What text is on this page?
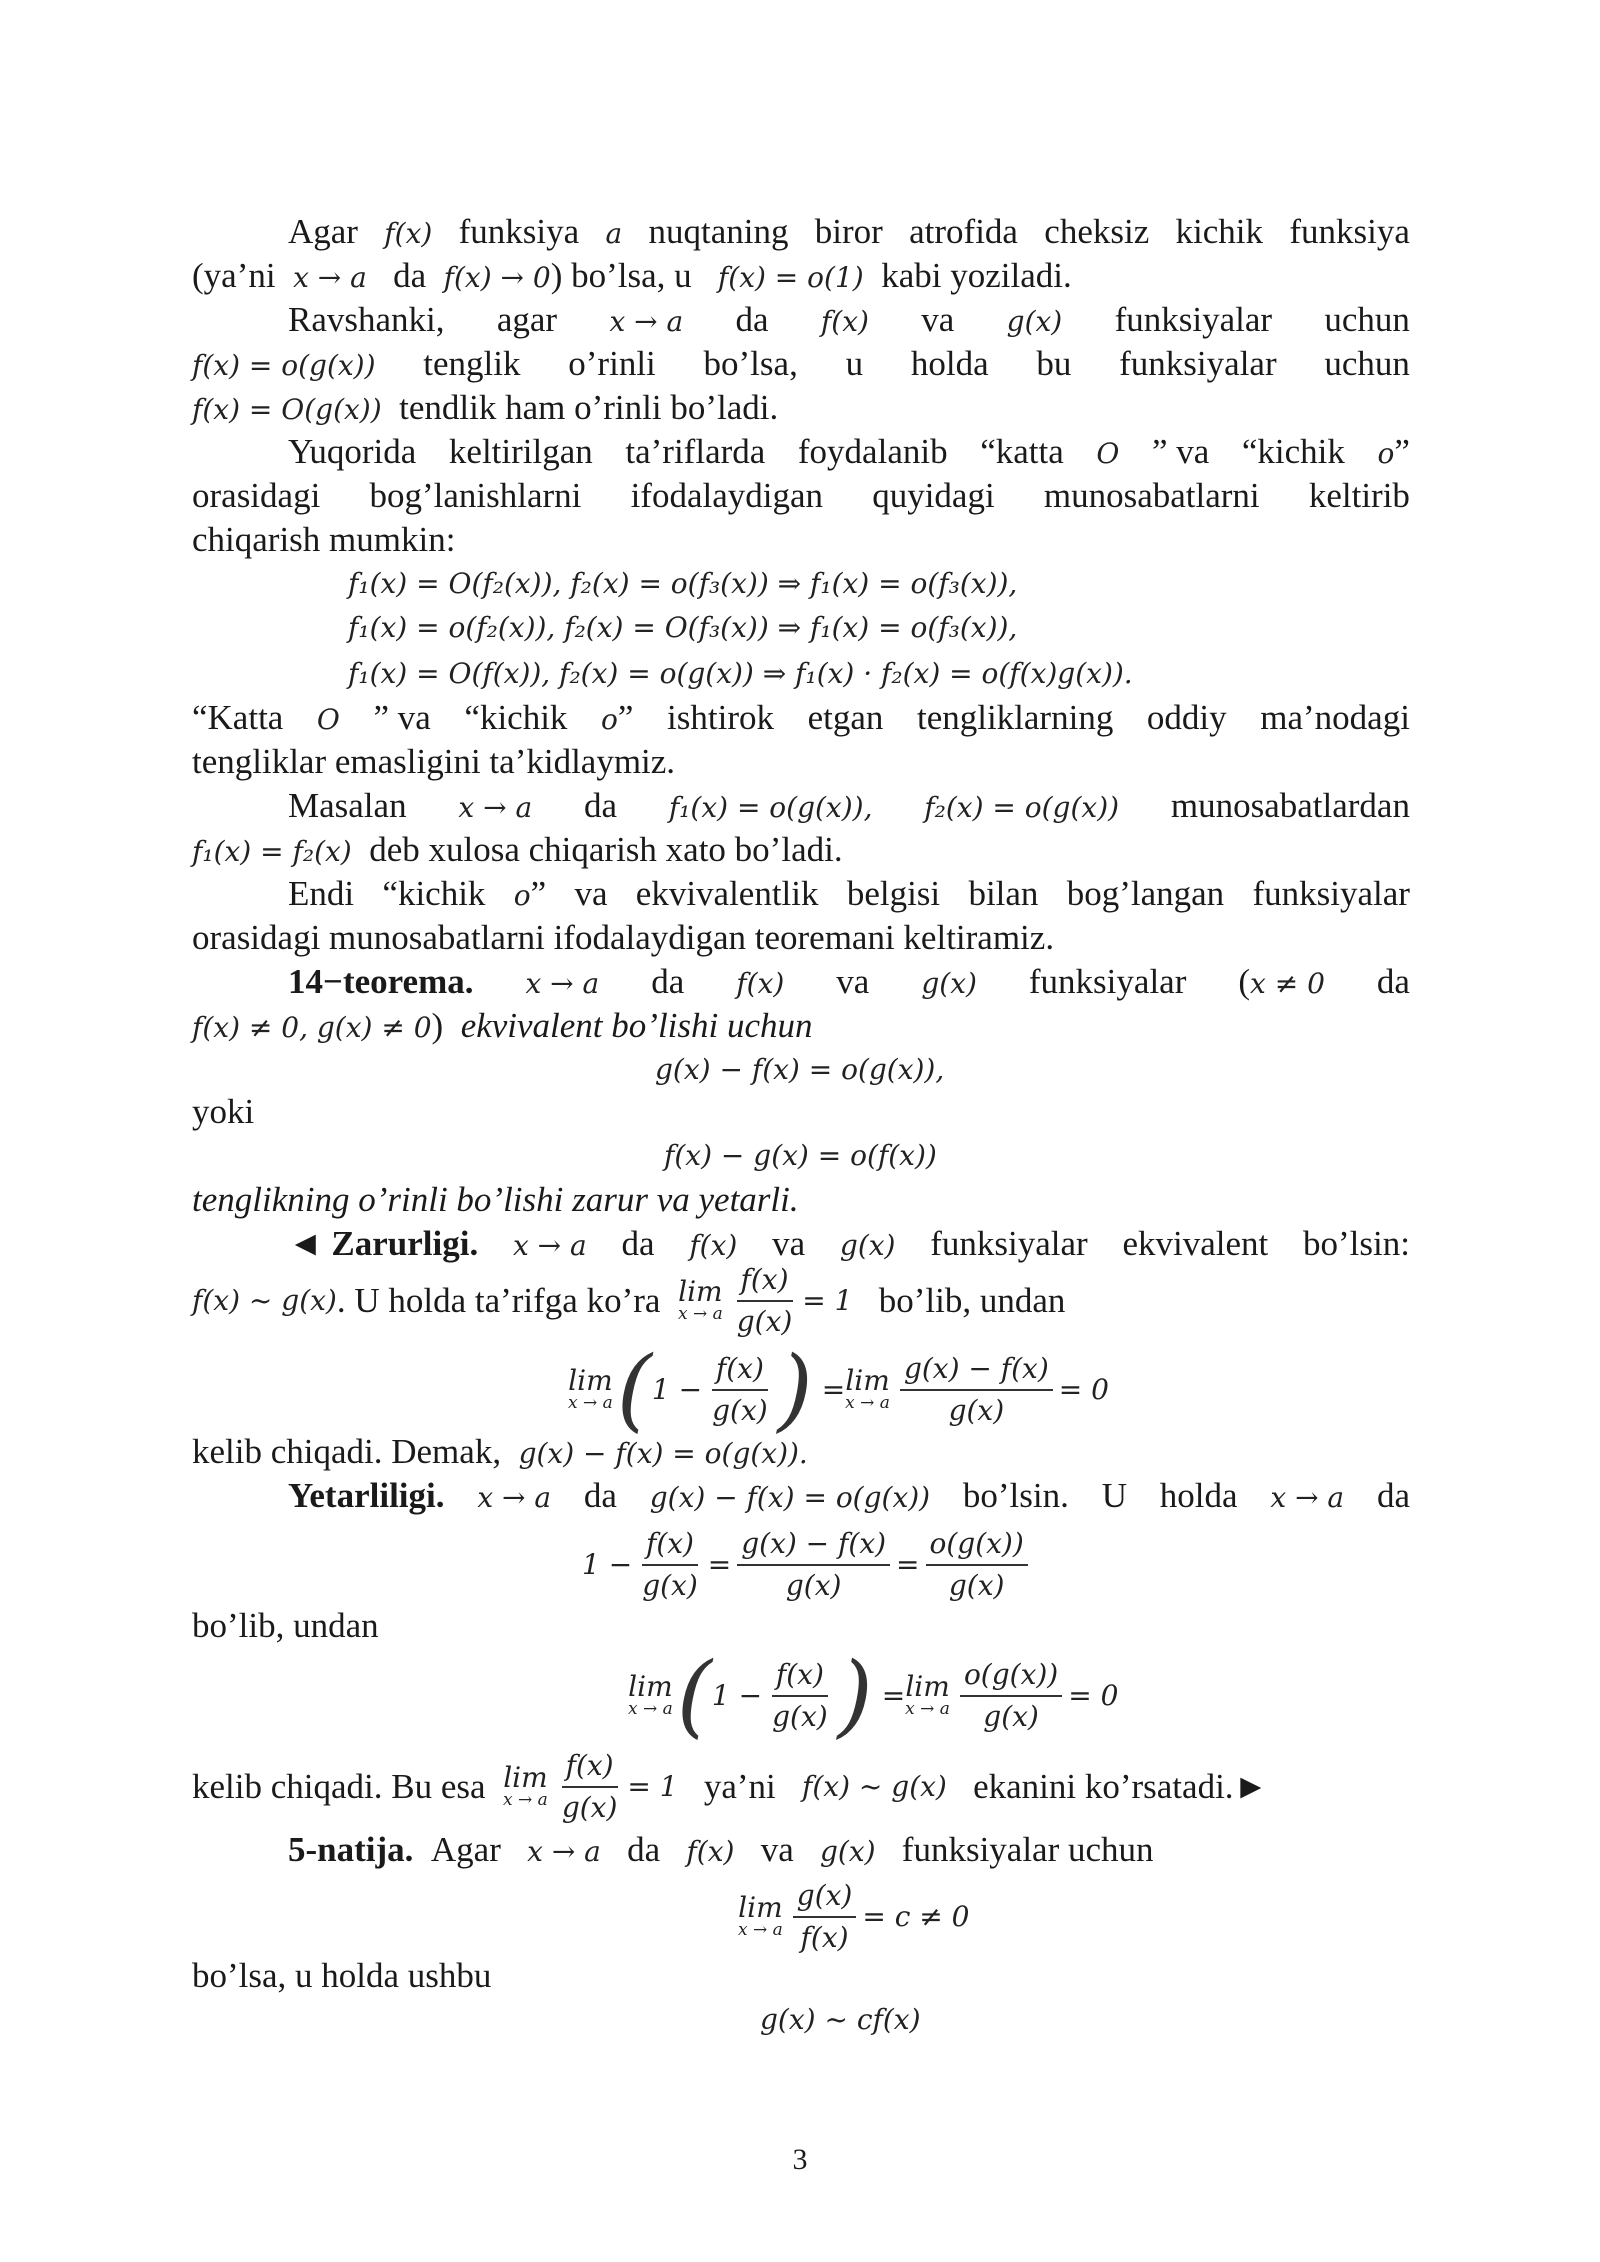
Agar f(x) funksiya a nuqtaning biror atrofida cheksiz kichik funksiya
(ya’ni x → a da f(x) → 0) bo’lsa, u f(x) = o(1) kabi yoziladi.
Ravshanki, agar x → a da f(x) va g(x) funksiyalar uchun
f(x) = o(g(x)) tenglik o’rinli bo’lsa, u holda bu funksiyalar uchun
f(x) = O(g(x)) tendlik ham o’rinli bo’ladi.
Yuqorida keltirilgan ta’riflarda foydalanib “katta O ” va “kichik o”
orasidagi bog’lanishlarni ifodalaydigan quyidagi munosabatlarni keltirib
chiqarish mumkin:
f₁(x) = O(f₂(x)), f₂(x) = o(f₃(x)) ⇒ f₁(x) = o(f₃(x)),
f₁(x) = o(f₂(x)), f₂(x) = O(f₃(x)) ⇒ f₁(x) = o(f₃(x)),
f₁(x) = O(f(x)), f₂(x) = o(g(x)) ⇒ f₁(x) · f₂(x) = o(f(x)g(x)).
“Katta O ” va “kichik o” ishtirok etgan tengliklarning oddiy ma’nodagi
tengliklar emasligini ta’kidlaymiz.
Masalan x → a da f₁(x) = o(g(x)), f₂(x) = o(g(x)) munosabatlardan
f₁(x) = f₂(x) deb xulosa chiqarish xato bo’ladi.
Endi “kichik o” va ekvivalentlik belgisi bilan bog’langan funksiyalar
orasidagi munosabatlarni ifodalaydigan teoremani keltiramiz.
14−teorema. x → a da f(x) va g(x) funksiyalar (x ≠ 0 da
f(x) ≠ 0, g(x) ≠ 0) ekvivalent bo’lishi uchun
g(x) − f(x) = o(g(x)),
yoki
f(x) − g(x) = o(f(x))
tenglikning o’rinli bo’lishi zarur va yetarli.
◄ Zarurligi. x → a da f(x) va g(x) funksiyalar ekvivalent bo’lsin:
f(x) ~ g(x) . U holda ta’rifga ko’ra
lim
x → a $\frac{f(x)}{g(x)} = 1$
bo’lib, undan
lim
x → a ( $1 - \frac{f(x)}{g(x)}$ )
= lim
x → a $\frac{g(x) - f(x)}{g(x)} = 0$
kelib chiqadi. Demak, g(x) − f(x) = o(g(x)).
Yetarliligi. x → a da g(x) − f(x) = o(g(x)) bo’lsin. U holda x → a da
$1 - \frac{f(x)}{g(x)} = \frac{g(x) - f(x)}{g(x)} = \frac{o(g(x))}{g(x)}$
bo’lib, undan
lim
x → a ( $1 - \frac{f(x)}{g(x)}$ )
= lim
x → a $\frac{o(g(x))}{g(x)} = 0$
kelib chiqadi. Bu esa
lim
x → a $\frac{f(x)}{g(x)} = 1$
ya’ni
f(x) ~ g(x)
ekanini ko’rsatadi. ►
5-natija. Agar x → a da f(x) va g(x) funksiyalar uchun
lim
x → a $\frac{g(x)}{f(x)} = c \ne 0$
bo’lsa, u holda ushbu
g(x) ~ cf(x)
3
